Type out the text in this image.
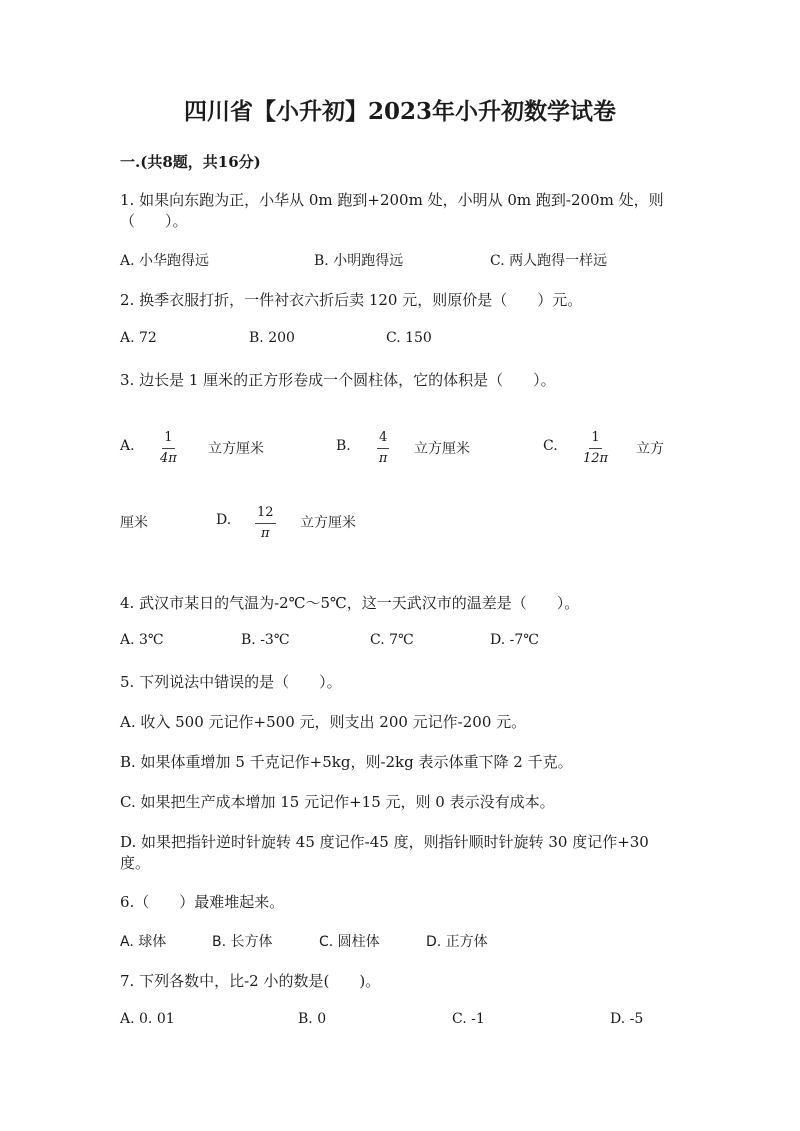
四川省【小升初】2023年小升初数学试卷
一.(共8题，共16分)
1. 如果向东跑为正，小华从 0m 跑到+200m 处，小明从 0m 跑到-200m 处，则
（　　）。
A. 小华跑得远	B. 小明跑得远	C. 两人跑得一样远
2. 换季衣服打折，一件衬衣六折后卖 120 元，则原价是（　　）元。
A. 72	B. 200	C. 150
3. 边长是 1 厘米的正方形卷成一个圆柱体，它的体积是（　　）。
A. $\frac{1}{4\pi}$ 立方厘米	B. $\frac{4}{\pi}$ 立方厘米	C. $\frac{1}{12\pi}$ 立方
厘米	D. $\frac{12}{\pi}$ 立方厘米
4. 武汉市某日的气温为-2℃～5℃，这一天武汉市的温差是（　　）。
A. 3℃	B. -3℃	C. 7℃	D. -7℃
5. 下列说法中错误的是（　　）。
A. 收入 500 元记作+500 元，则支出 200 元记作-200 元。
B. 如果体重增加 5 千克记作+5kg，则-2kg 表示体重下降 2 千克。
C. 如果把生产成本增加 15 元记作+15 元，则 0 表示没有成本。
D. 如果把指针逆时针旋转 45 度记作-45 度，则指针顺时针旋转 30 度记作+30
度。
6.（　　）最难堆起来。
A. 球体	B. 长方体	C. 圆柱体	D. 正方体
7. 下列各数中，比-2 小的数是(　　)。
A. 0. 01	B. 0	C. -1	D. -5
